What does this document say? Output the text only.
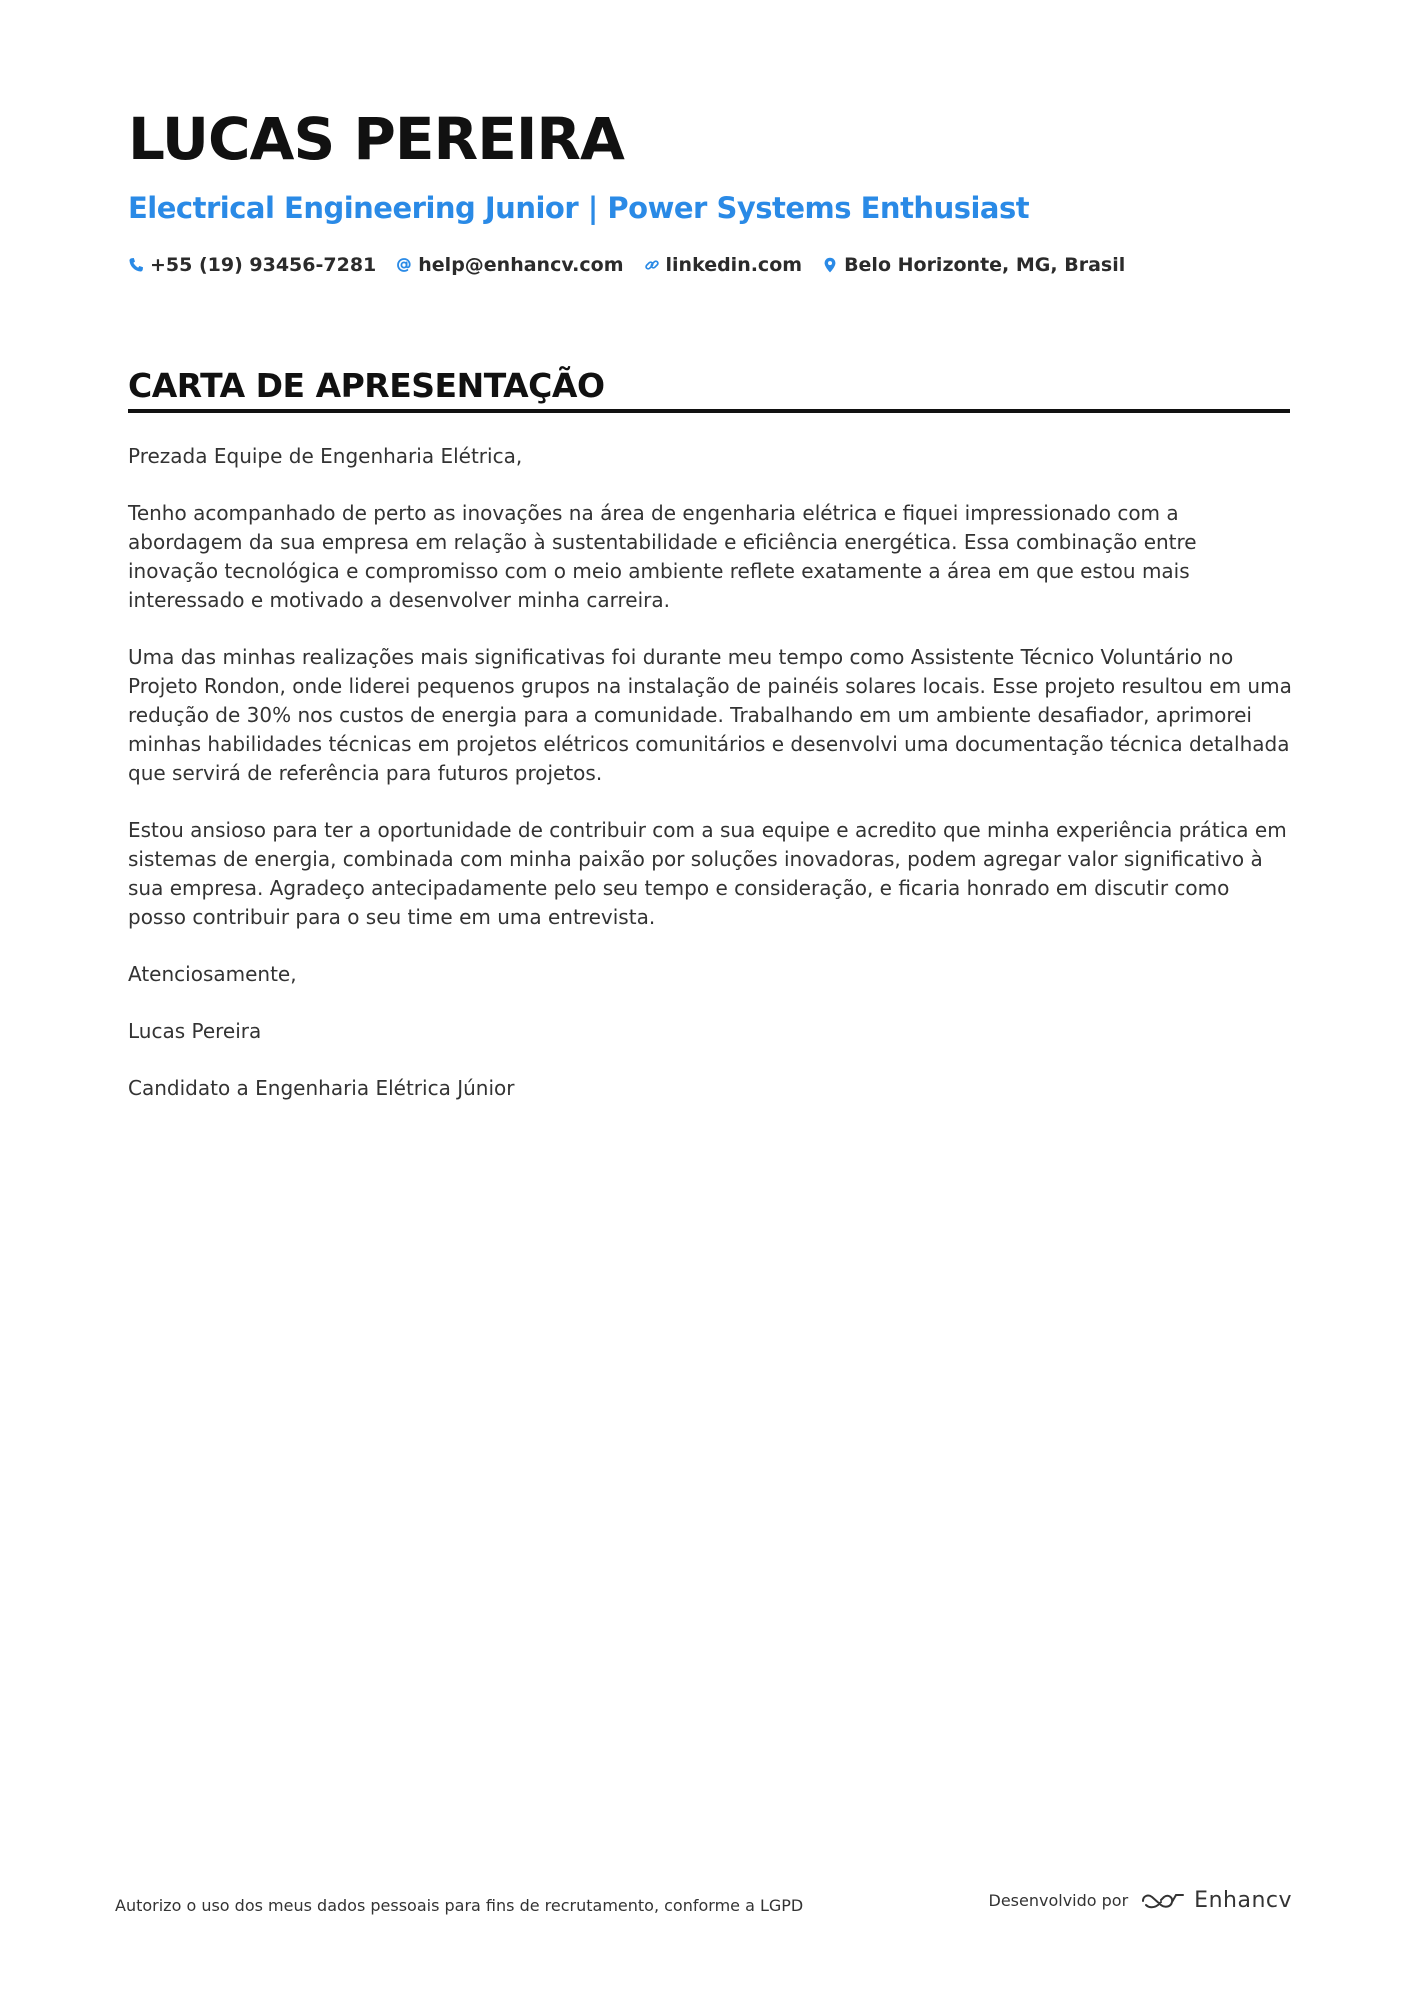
LUCAS PEREIRA
Electrical Engineering Junior | Power Systems Enthusiast
+55 (19) 93456-7281 help@enhancv.com linkedin.com Belo Horizonte, MG, Brasil
CARTA DE APRESENTAÇÃO

Prezada Equipe de Engenharia Elétrica,

Tenho acompanhado de perto as inovações na área de engenharia elétrica e fiquei impressionado com a abordagem da sua empresa em relação à sustentabilidade e eficiência energética. Essa combinação entre inovação tecnológica e compromisso com o meio ambiente reflete exatamente a área em que estou mais interessado e motivado a desenvolver minha carreira.

Uma das minhas realizações mais significativas foi durante meu tempo como Assistente Técnico Voluntário no Projeto Rondon, onde liderei pequenos grupos na instalação de painéis solares locais. Esse projeto resultou em uma redução de 30% nos custos de energia para a comunidade. Trabalhando em um ambiente desafiador, aprimorei minhas habilidades técnicas em projetos elétricos comunitários e desenvolvi uma documentação técnica detalhada que servirá de referência para futuros projetos.

Estou ansioso para ter a oportunidade de contribuir com a sua equipe e acredito que minha experiência prática em sistemas de energia, combinada com minha paixão por soluções inovadoras, podem agregar valor significativo à sua empresa. Agradeço antecipadamente pelo seu tempo e consideração, e ficaria honrado em discutir como posso contribuir para o seu time em uma entrevista.

Atenciosamente,

Lucas Pereira

Candidato a Engenharia Elétrica Júnior

Autorizo o uso dos meus dados pessoais para fins de recrutamento, conforme a LGPD	Desenvolvido por	Enhancv
